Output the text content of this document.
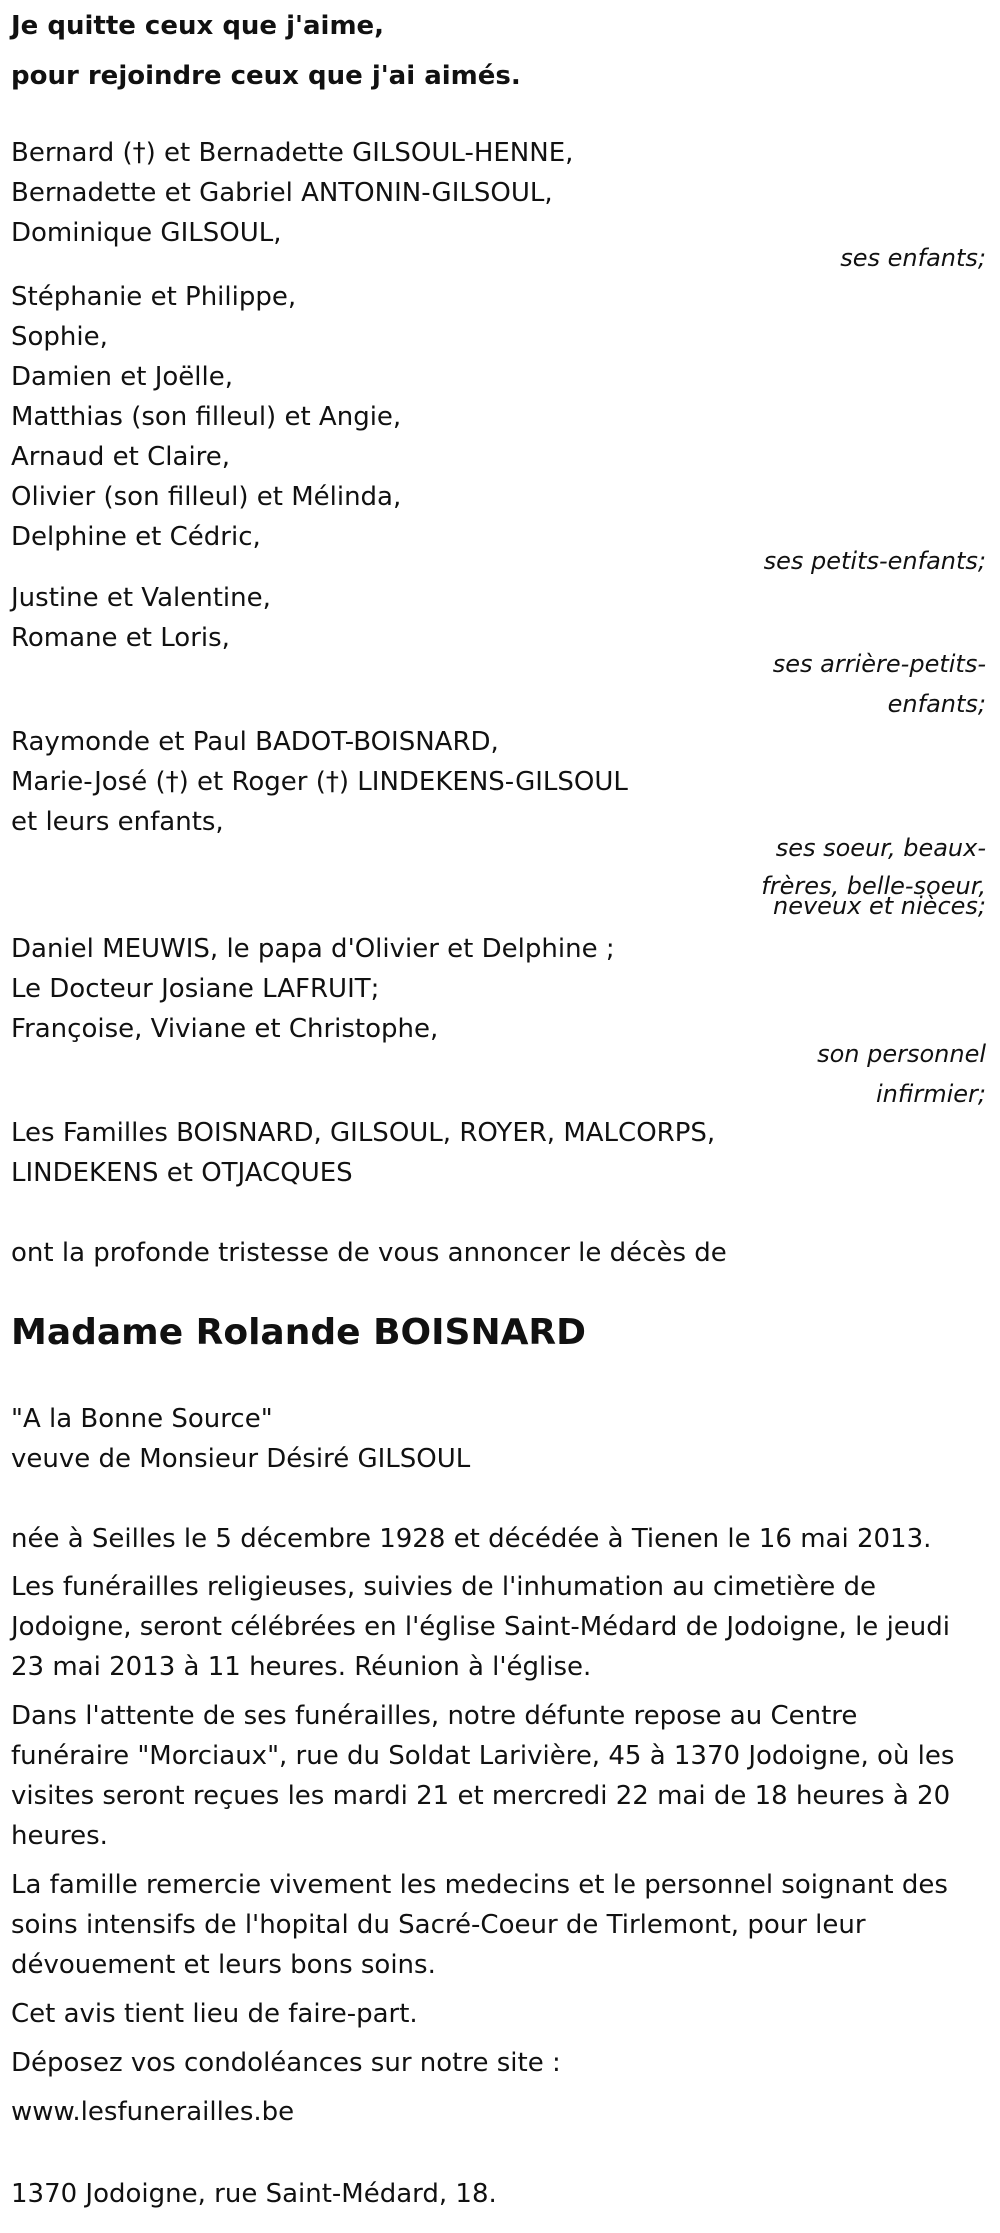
Je quitte ceux que j'aime,

pour rejoindre ceux que j'ai aimés.

Bernard (†) et Bernadette GILSOUL-HENNE,

Bernadette et Gabriel ANTONIN-GILSOUL,

Dominique GILSOUL,

ses enfants;

Stéphanie et Philippe,

Sophie,

Damien et Joëlle,

Matthias (son filleul) et Angie,

Arnaud et Claire,

Olivier (son filleul) et Mélinda,

Delphine et Cédric,

ses petits-enfants;

Justine et Valentine,

Romane et Loris,

ses arrière-petits-

enfants;

Raymonde et Paul BADOT-BOISNARD,

Marie-José (†) et Roger (†) LINDEKENS-GILSOUL

et leurs enfants,

ses soeur, beaux-

frères, belle-soeur,

neveux et nièces;

Daniel MEUWIS, le papa d'Olivier et Delphine ;

Le Docteur Josiane LAFRUIT;

Françoise, Viviane et Christophe,

son personnel

infirmier;

Les Familles BOISNARD, GILSOUL, ROYER, MALCORPS,

LINDEKENS et OTJACQUES

ont la profonde tristesse de vous annoncer le décès de

Madame Rolande BOISNARD

"A la Bonne Source"

veuve de Monsieur Désiré GILSOUL

née à Seilles le 5 décembre 1928 et décédée à Tienen le 16 mai 2013.

Les funérailles religieuses, suivies de l'inhumation au cimetière de

Jodoigne, seront célébrées en l'église Saint-Médard de Jodoigne, le jeudi

23 mai 2013 à 11 heures. Réunion à l'église.

Dans l'attente de ses funérailles, notre défunte repose au Centre

funéraire "Morciaux", rue du Soldat Larivière, 45 à 1370 Jodoigne, où les

visites seront reçues les mardi 21 et mercredi 22 mai de 18 heures à 20

heures.

La famille remercie vivement les medecins et le personnel soignant des

soins intensifs de l'hopital du Sacré-Coeur de Tirlemont, pour leur

dévouement et leurs bons soins.

Cet avis tient lieu de faire-part.

Déposez vos condoléances sur notre site :

www.lesfunerailles.be

1370 Jodoigne, rue Saint-Médard, 18.
